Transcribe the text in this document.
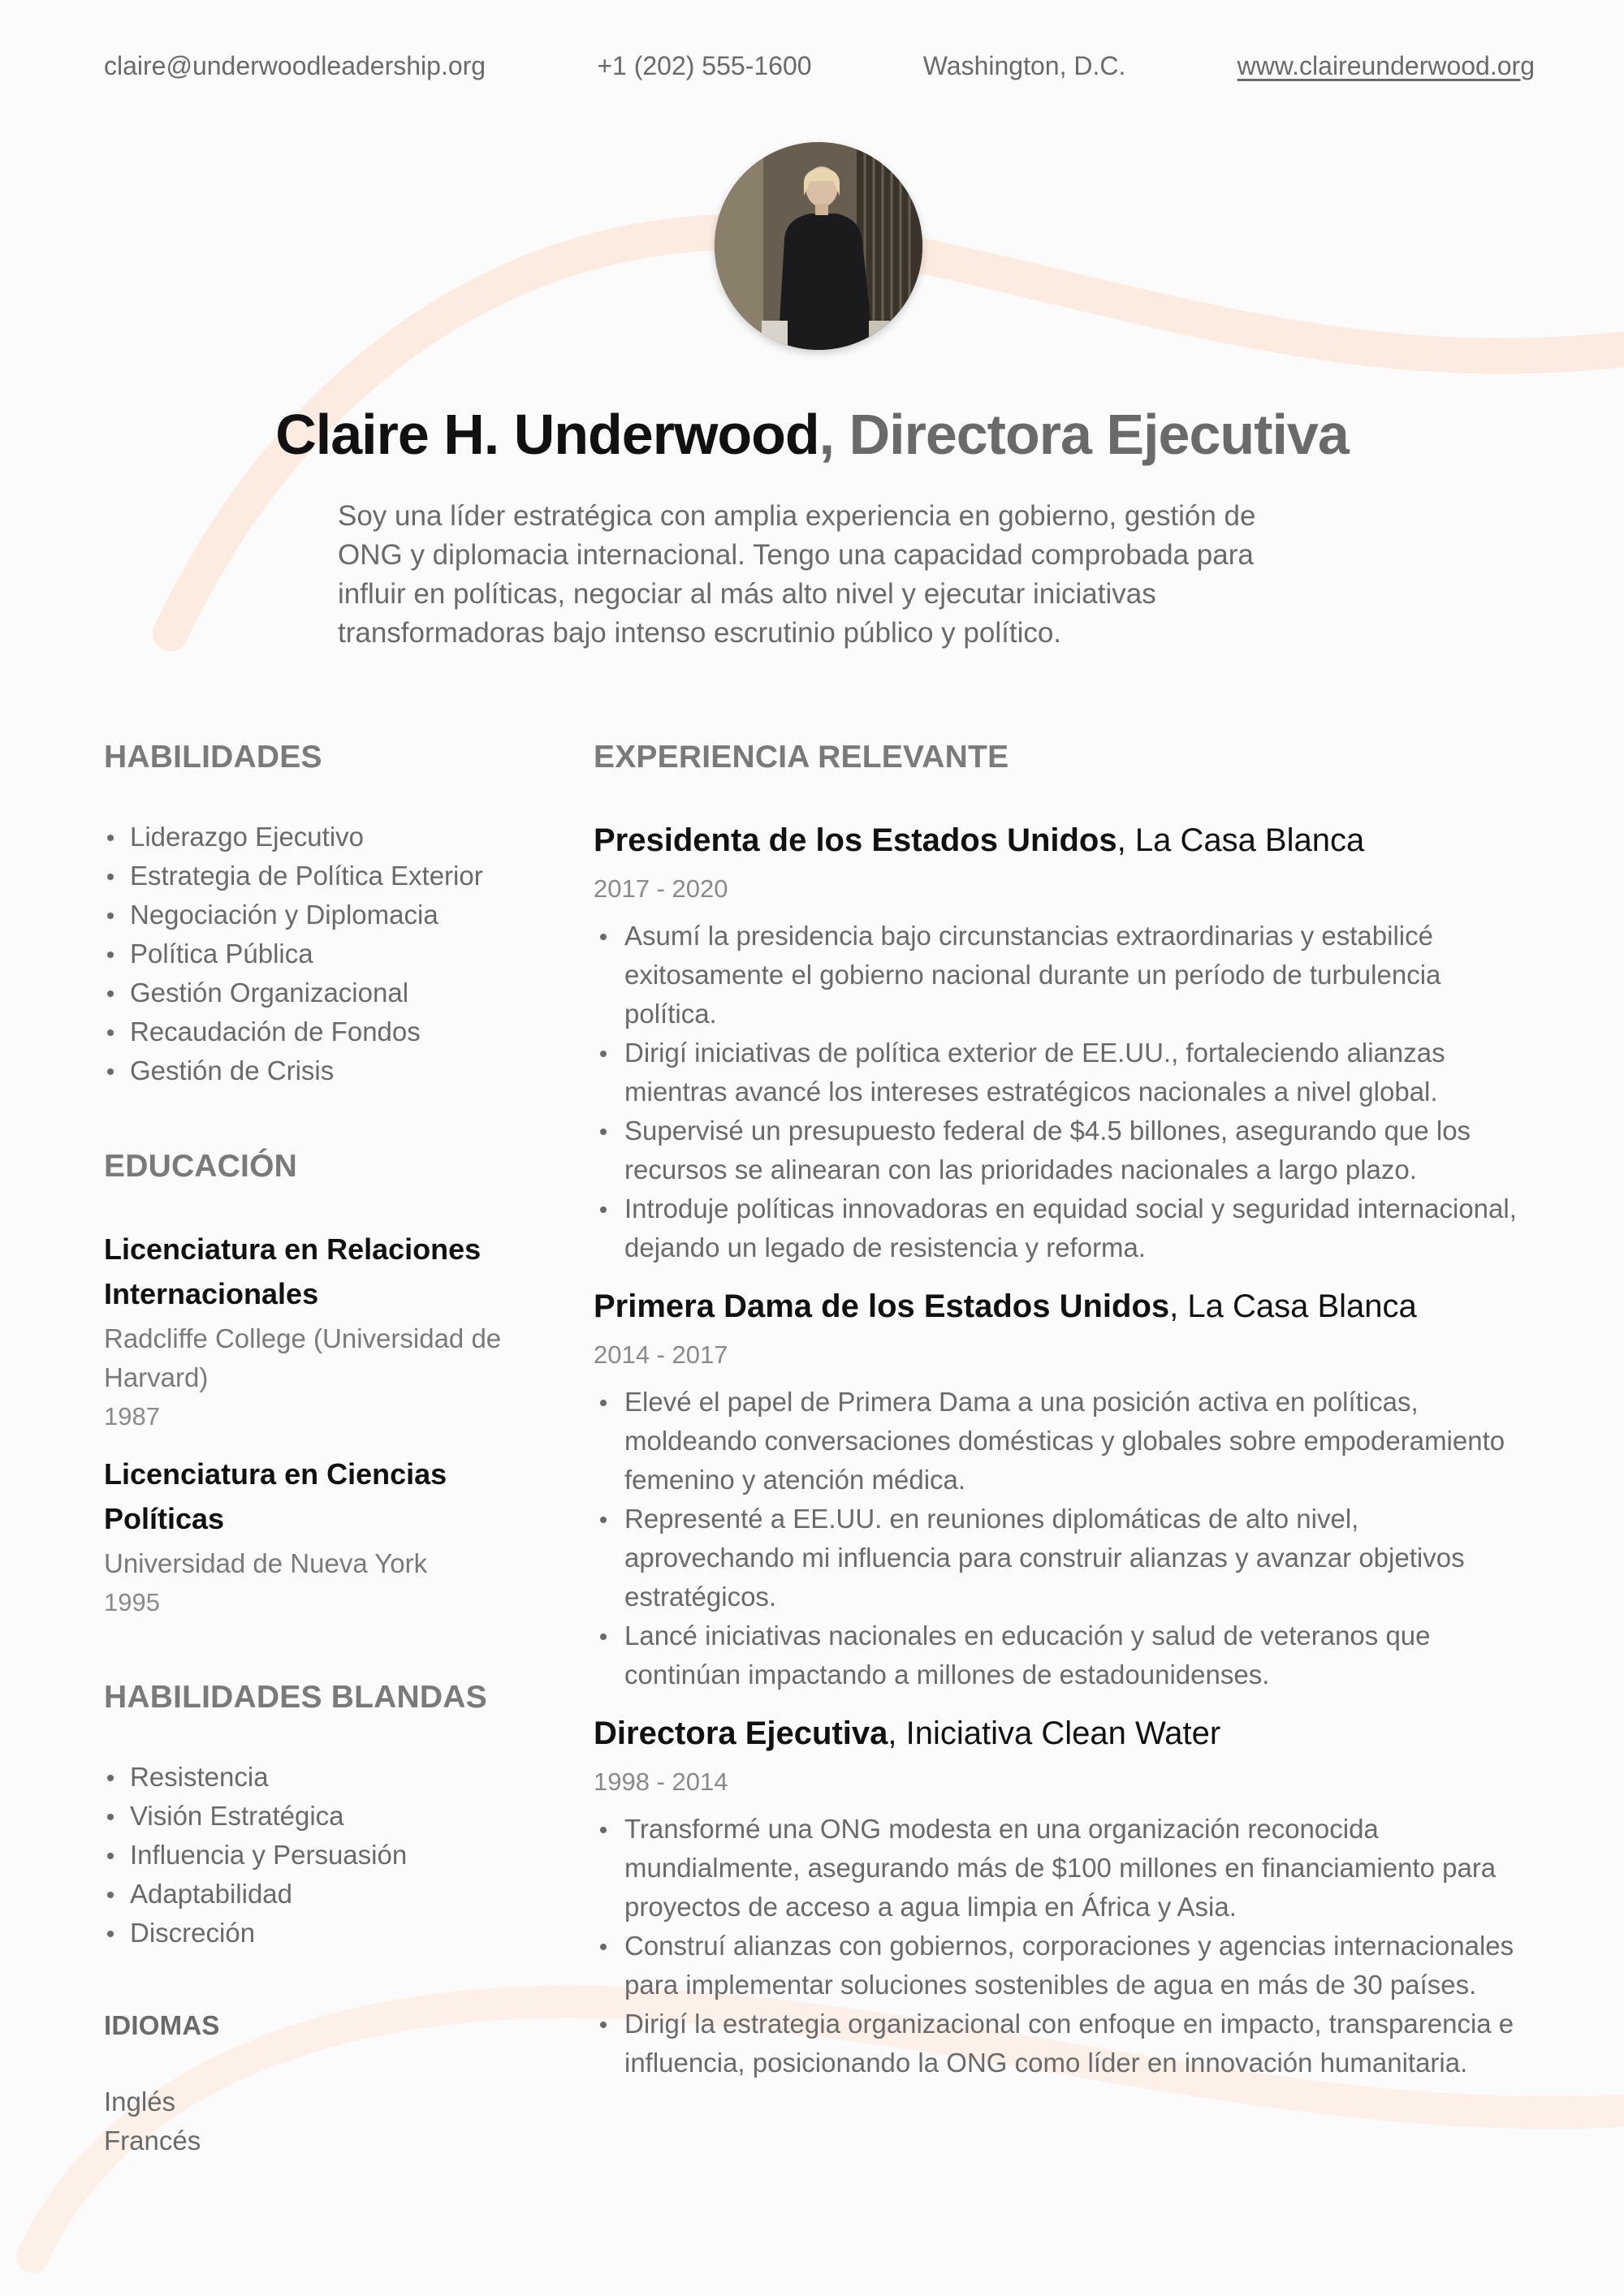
claire@underwoodleadership.org	+1 (202) 555-1600	Washington, D.C.	www.claireunderwood.org
Claire H. Underwood, Directora Ejecutiva
Soy una líder estratégica con amplia experiencia en gobierno, gestión de ONG y diplomacia internacional. Tengo una capacidad comprobada para influir en políticas, negociar al más alto nivel y ejecutar iniciativas transformadoras bajo intenso escrutinio público y político.
HABILIDADES
Liderazgo Ejecutivo
Estrategia de Política Exterior
Negociación y Diplomacia
Política Pública
Gestión Organizacional
Recaudación de Fondos
Gestión de Crisis
EDUCACIÓN
Licenciatura en Relaciones Internacionales
Radcliffe College (Universidad de Harvard)
1987
Licenciatura en Ciencias Políticas
Universidad de Nueva York
1995
HABILIDADES BLANDAS
Resistencia
Visión Estratégica
Influencia y Persuasión
Adaptabilidad
Discreción
IDIOMAS
Inglés
Francés
EXPERIENCIA RELEVANTE
Presidenta de los Estados Unidos, La Casa Blanca
2017 - 2020
Asumí la presidencia bajo circunstancias extraordinarias y estabilicé exitosamente el gobierno nacional durante un período de turbulencia política.
Dirigí iniciativas de política exterior de EE.UU., fortaleciendo alianzas mientras avancé los intereses estratégicos nacionales a nivel global.
Supervisé un presupuesto federal de $4.5 billones, asegurando que los recursos se alinearan con las prioridades nacionales a largo plazo.
Introduje políticas innovadoras en equidad social y seguridad internacional, dejando un legado de resistencia y reforma.
Primera Dama de los Estados Unidos, La Casa Blanca
2014 - 2017
Elevé el papel de Primera Dama a una posición activa en políticas, moldeando conversaciones domésticas y globales sobre empoderamiento femenino y atención médica.
Representé a EE.UU. en reuniones diplomáticas de alto nivel, aprovechando mi influencia para construir alianzas y avanzar objetivos estratégicos.
Lancé iniciativas nacionales en educación y salud de veteranos que continúan impactando a millones de estadounidenses.
Directora Ejecutiva, Iniciativa Clean Water
1998 - 2014
Transformé una ONG modesta en una organización reconocida mundialmente, asegurando más de $100 millones en financiamiento para proyectos de acceso a agua limpia en África y Asia.
Construí alianzas con gobiernos, corporaciones y agencias internacionales para implementar soluciones sostenibles de agua en más de 30 países.
Dirigí la estrategia organizacional con enfoque en impacto, transparencia e influencia, posicionando la ONG como líder en innovación humanitaria.
